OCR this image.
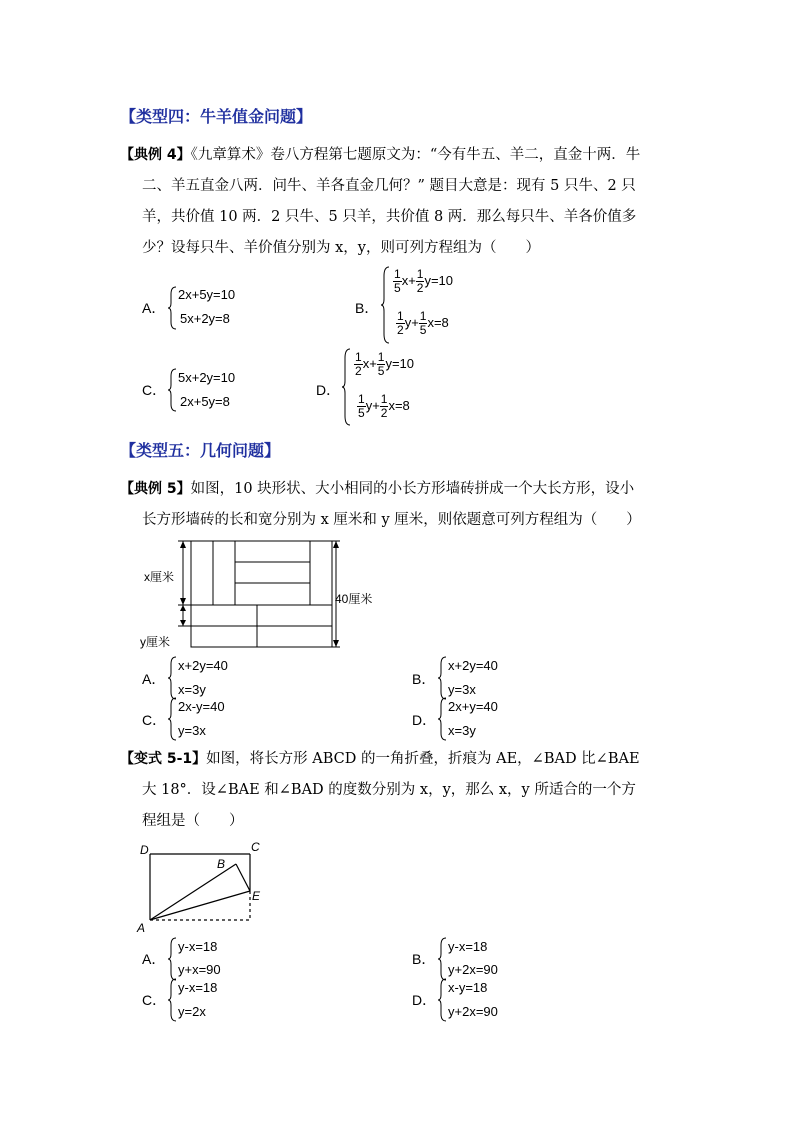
【类型四：牛羊值金问题】
【典例 4】《九章算术》卷八方程第七题原文为：“今有牛五、羊二，直金十两．牛
二、羊五直金八两．问牛、羊各直金几何？” 题目大意是：现有 5 只牛、2 只
羊，共价值 10 两．2 只牛、5 只羊，共价值 8 两．那么每只牛、羊各价值多
少？设每只牛、羊价值分别为 x，y，则可列方程组为（　　）
A．
2x+5y=10
5x+2y=8
B．
$\frac{1}{5} x+ \frac{1}{2} y=10$
$\frac{1}{2} y+ \frac{1}{5} x=8$
C．
5x+2y=10
2x+5y=8
D．
$\frac{1}{2} x+ \frac{1}{5} y=10$
$\frac{1}{5} y+ \frac{1}{2} x=8$
【类型五：几何问题】
【典例 5】如图，10 块形状、大小相同的小长方形墙砖拼成一个大长方形，设小
长方形墙砖的长和宽分别为 x 厘米和 y 厘米，则依题意可列方程组为（　　）
x厘米
y厘米
40厘米
A．
x+2y=40
x=3y
B．
x+2y=40
y=3x
C．
2x-y=40
y=3x
D．
2x+y=40
x=3y
【变式 5-1】如图，将长方形 ABCD 的一角折叠，折痕为 AE，∠BAD 比∠BAE
大 18°．设∠BAE 和∠BAD 的度数分别为 x，y，那么 x，y 所适合的一个方
程组是（　　）
D	C
B
E
A
A．
y-x=18
y+x=90
B．
y-x=18
y+2x=90
C．
y-x=18
y=2x
D．
x-y=18
y+2x=90
